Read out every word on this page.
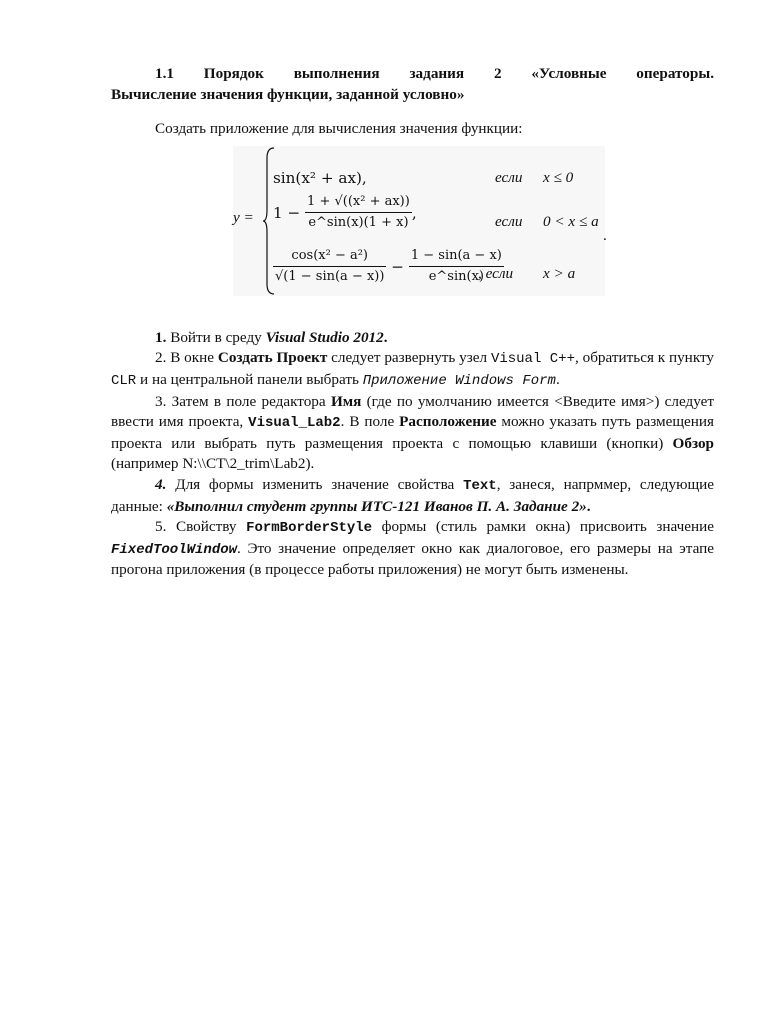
1.1 Порядок выполнения задания 2 «Условные операторы.
Вычисление значения функции, заданной условно»
Создать приложение для вычисления значения функции:
y =
sin(x² + ax),	если x ≤ 0
$1 - \frac{\text{1 + √((x² + ax))}}{e\^{}\sin(x)(1 + x)}$ ,	если 0 < x ≤ a
$\frac{\text{cos(x² − a²)}}{√(1 - \sin(a - x))} - \frac{1 - \sin(a - x)}{e\^{}\sin(x)}$
, если x > a
.

1. Войти в среду Visual Studio 2012.

2. В окне Создать Проект следует развернуть узел Visual C++, обратиться к пункту CLR и на центральной панели выбрать Приложение Windows Form.

3. Затем в поле редактора Имя (где по умолчанию имеется <Введите имя>) следует ввести имя проекта, Visual_Lab2. В поле Расположение можно указать путь размещения проекта или выбрать путь размещения проекта с помощью клавиши (кнопки) Обзор (например N:\\CT\2_trim\Lab2).

4. Для формы изменить значение свойства Text, занеся, напрммер, следующие данные: «Выполнил студент группы ИТС-121 Иванов П. А. Задание 2».

5. Свойству FormBorderStyle формы (стиль рамки окна) присвоить значение FixedToolWindow. Это значение определяет окно как диалоговое, его размеры на этапе прогона приложения (в процессе работы приложения) не могут быть изменены.
